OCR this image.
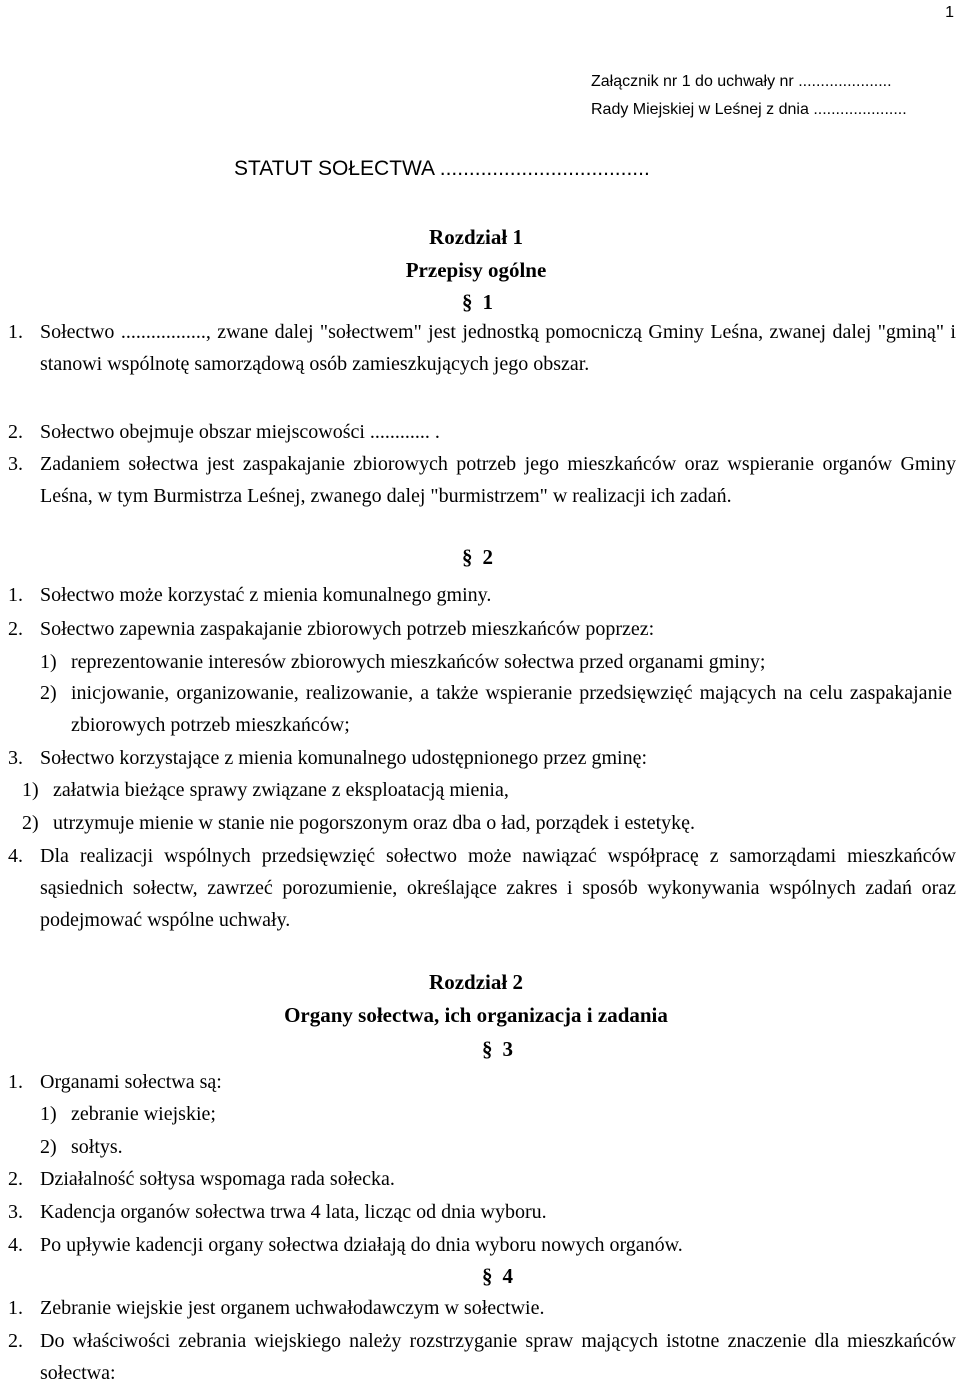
1
Załącznik nr 1 do uchwały nr .....................
Rady Miejskiej w Leśnej z dnia .....................
STATUT SOŁECTWA ....................................
Rozdział 1
Przepisy ogólne
§ 1
1. Sołectwo ................., zwane dalej "sołectwem" jest jednostką pomocniczą Gminy Leśna, zwanej dalej "gminą" i stanowi wspólnotę samorządową osób zamieszkujących jego obszar.
2. Sołectwo obejmuje obszar miejscowości ............ .
3. Zadaniem sołectwa jest zaspakajanie zbiorowych potrzeb jego mieszkańców oraz wspieranie organów Gminy Leśna, w tym Burmistrza Leśnej, zwanego dalej "burmistrzem" w realizacji ich zadań.
§ 2
1. Sołectwo może korzystać z mienia komunalnego gminy.
2. Sołectwo zapewnia zaspakajanie zbiorowych potrzeb mieszkańców poprzez:
1) reprezentowanie interesów zbiorowych mieszkańców sołectwa przed organami gminy;
2) inicjowanie, organizowanie, realizowanie, a także wspieranie przedsięwzięć mających na celu zaspakajanie zbiorowych potrzeb mieszkańców;
3. Sołectwo korzystające z mienia komunalnego udostępnionego przez gminę:
1) załatwia bieżące sprawy związane z eksploatacją mienia,
2) utrzymuje mienie w stanie nie pogorszonym oraz dba o ład, porządek i estetykę.
4. Dla realizacji wspólnych przedsięwzięć sołectwo może nawiązać współpracę z samorządami mieszkańców sąsiednich sołectw, zawrzeć porozumienie, określające zakres i sposób wykonywania wspólnych zadań oraz podejmować wspólne uchwały.
Rozdział 2
Organy sołectwa, ich organizacja i zadania
§ 3
1. Organami sołectwa są:
1) zebranie wiejskie;
2) sołtys.
2. Działalność sołtysa wspomaga rada sołecka.
3. Kadencja organów sołectwa trwa 4 lata, licząc od dnia wyboru.
4. Po upływie kadencji organy sołectwa działają do dnia wyboru nowych organów.
§ 4
1. Zebranie wiejskie jest organem uchwałodawczym w sołectwie.
2. Do właściwości zebrania wiejskiego należy rozstrzyganie spraw mających istotne znaczenie dla mieszkańców sołectwa:
